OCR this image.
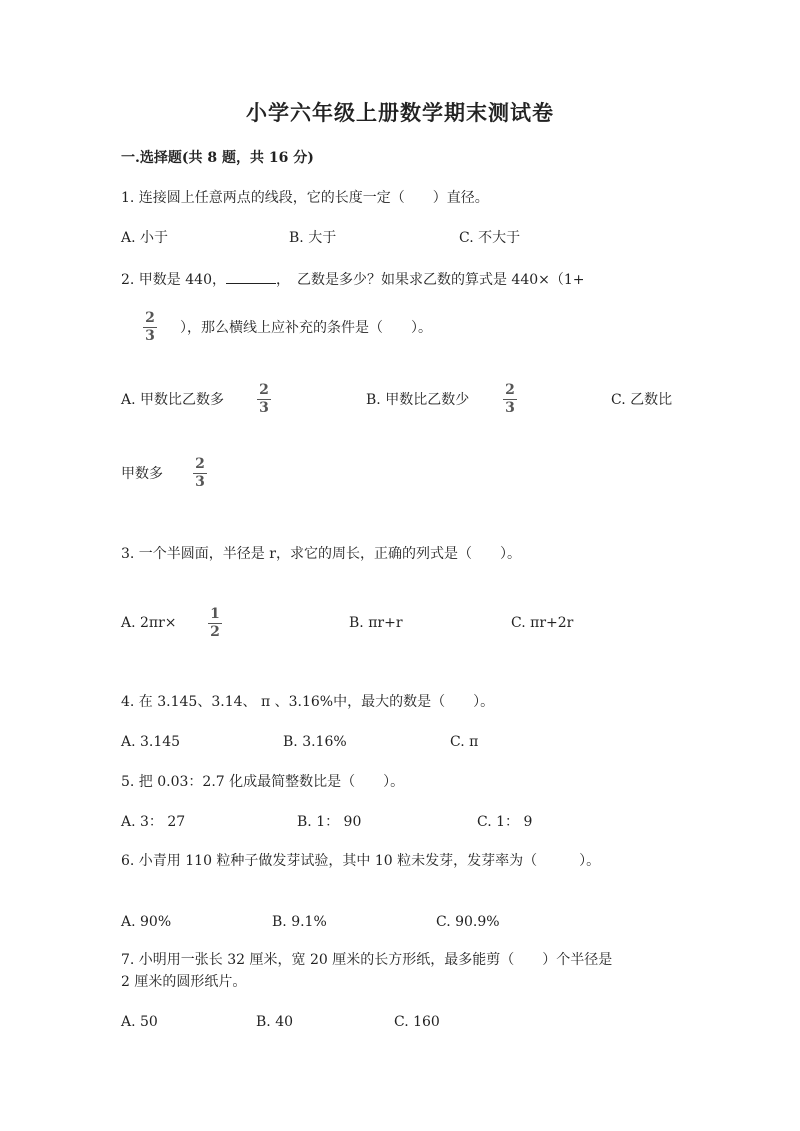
小学六年级上册数学期末测试卷
一.选择题(共 8 题，共 16 分)
1. 连接圆上任意两点的线段，它的长度一定（　　）直径。
A. 小于	B. 大于	C. 不大于
2. 甲数是 440，	，　乙数是多少？如果求乙数的算式是 440×（1+
2
3 ），那么横线上应补充的条件是（　　）。
A. 甲数比乙数多
2
3	B. 甲数比乙数少
2
3	C. 乙数比
甲数多
2
3
3. 一个半圆面，半径是 r，求它的周长，正确的列式是（　　）。
A. 2πr×
1
2
B. πr+r	C. πr+2r
4. 在 3.145、3.14、 π 、3.16%中，最大的数是（　　）。
A. 3.145	B. 3.16%	C. π
5. 把 0.03：2.7 化成最简整数比是（　　）。
A. 3： 27	B. 1： 90	C. 1： 9
6. 小青用 110 粒种子做发芽试验，其中 10 粒未发芽，发芽率为（　　　）。
A. 90%	B. 9.1%	C. 90.9%
7. 小明用一张长 32 厘米，宽 20 厘米的长方形纸，最多能剪（　　）个半径是
2 厘米的圆形纸片。
A. 50	B. 40	C. 160
